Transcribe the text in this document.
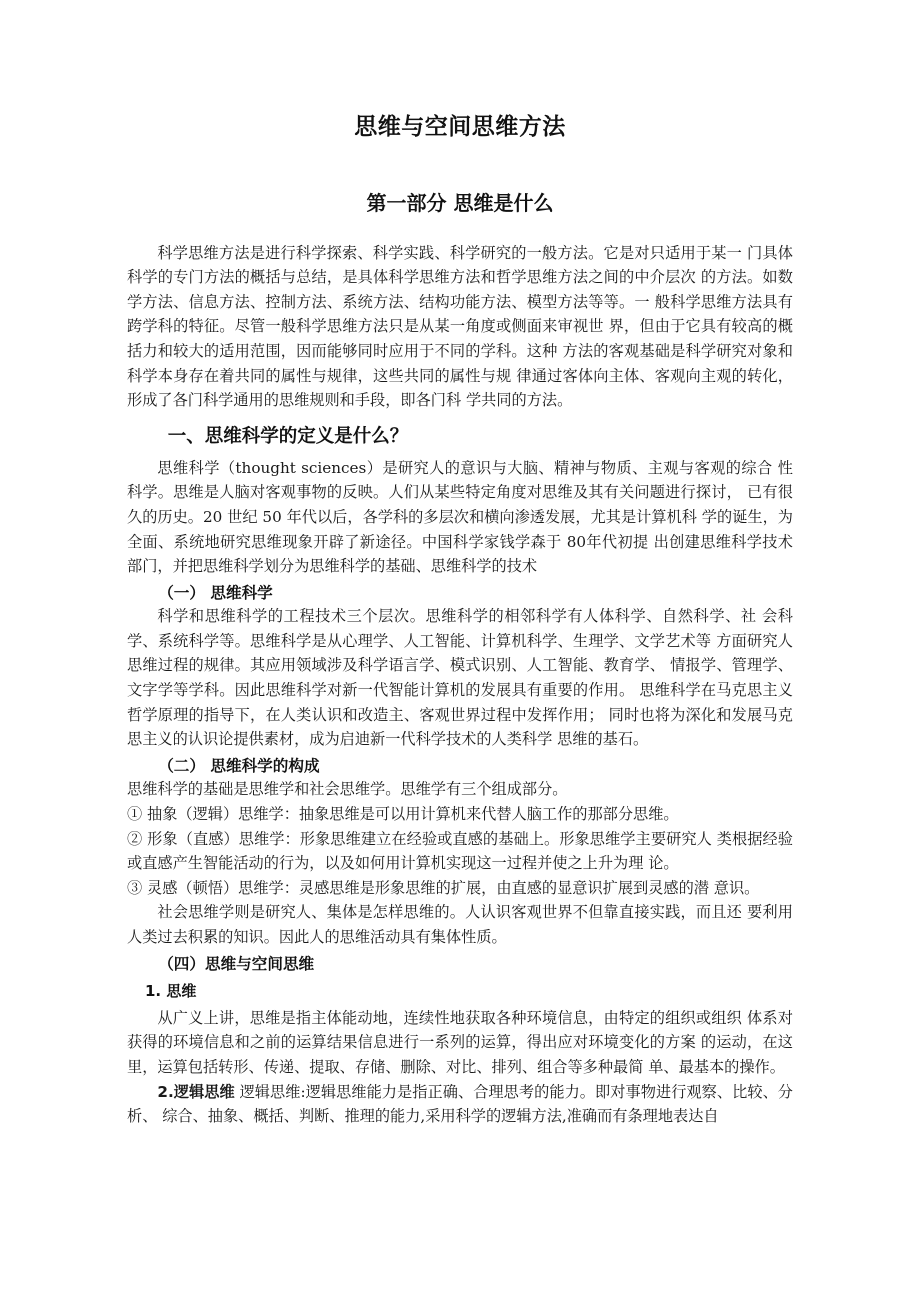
思维与空间思维方法
第一部分 思维是什么

科学思维方法是进行科学探索、科学实践、科学研究的一般方法。它是对只适用于某一 门具体科学的专门方法的概括与总结，是具体科学思维方法和哲学思维方法之间的中介层次 的方法。如数学方法、信息方法、控制方法、系统方法、结构功能方法、模型方法等等。一 般科学思维方法具有跨学科的特征。尽管一般科学思维方法只是从某一角度或侧面来审视世 界，但由于它具有较高的概括力和较大的适用范围，因而能够同时应用于不同的学科。这种 方法的客观基础是科学研究对象和科学本身存在着共同的属性与规律，这些共同的属性与规 律通过客体向主体、客观向主观的转化，形成了各门科学通用的思维规则和手段，即各门科 学共同的方法。

一、思维科学的定义是什么？

思维科学（thought sciences）是研究人的意识与大脑、精神与物质、主观与客观的综合 性科学。思维是人脑对客观事物的反映。人们从某些特定角度对思维及其有关问题进行探讨， 已有很久的历史。20 世纪 50 年代以后，各学科的多层次和横向渗透发展，尤其是计算机科 学的诞生，为全面、系统地研究思维现象开辟了新途径。中国科学家钱学森于 80年代初提 出创建思维科学技术部门，并把思维科学划分为思维科学的基础、思维科学的技术

（一） 思维科学

科学和思维科学的工程技术三个层次。思维科学的相邻科学有人体科学、自然科学、社 会科学、系统科学等。思维科学是从心理学、人工智能、计算机科学、生理学、文学艺术等 方面研究人思维过程的规律。其应用领域涉及科学语言学、模式识别、人工智能、教育学、 情报学、管理学、文字学等学科。因此思维科学对新一代智能计算机的发展具有重要的作用。 思维科学在马克思主义哲学原理的指导下，在人类认识和改造主、客观世界过程中发挥作用； 同时也将为深化和发展马克思主义的认识论提供素材，成为启迪新一代科学技术的人类科学 思维的基石。

（二） 思维科学的构成

思维科学的基础是思维学和社会思维学。思维学有三个组成部分。

① 抽象（逻辑）思维学：抽象思维是可以用计算机来代替人脑工作的那部分思维。

② 形象（直感）思维学：形象思维建立在经验或直感的基础上。形象思维学主要研究人 类根据经验或直感产生智能活动的行为，以及如何用计算机实现这一过程并使之上升为理 论。

③ 灵感（顿悟）思维学：灵感思维是形象思维的扩展，由直感的显意识扩展到灵感的潜 意识。

社会思维学则是研究人、集体是怎样思维的。人认识客观世界不但靠直接实践，而且还 要利用人类过去积累的知识。因此人的思维活动具有集体性质。

（四）思维与空间思维
1. 思维

从广义上讲，思维是指主体能动地，连续性地获取各种环境信息，由特定的组织或组织 体系对获得的环境信息和之前的运算结果信息进行一系列的运算，得出应对环境变化的方案 的运动，在这里，运算包括转形、传递、提取、存储、删除、对比、排列、组合等多种最简 单、最基本的操作。

2.逻辑思维 逻辑思维:逻辑思维能力是指正确、合理思考的能力。即对事物进行观察、比较、分析、 综合、抽象、概括、判断、推理的能力,采用科学的逻辑方法,准确而有条理地表达自
